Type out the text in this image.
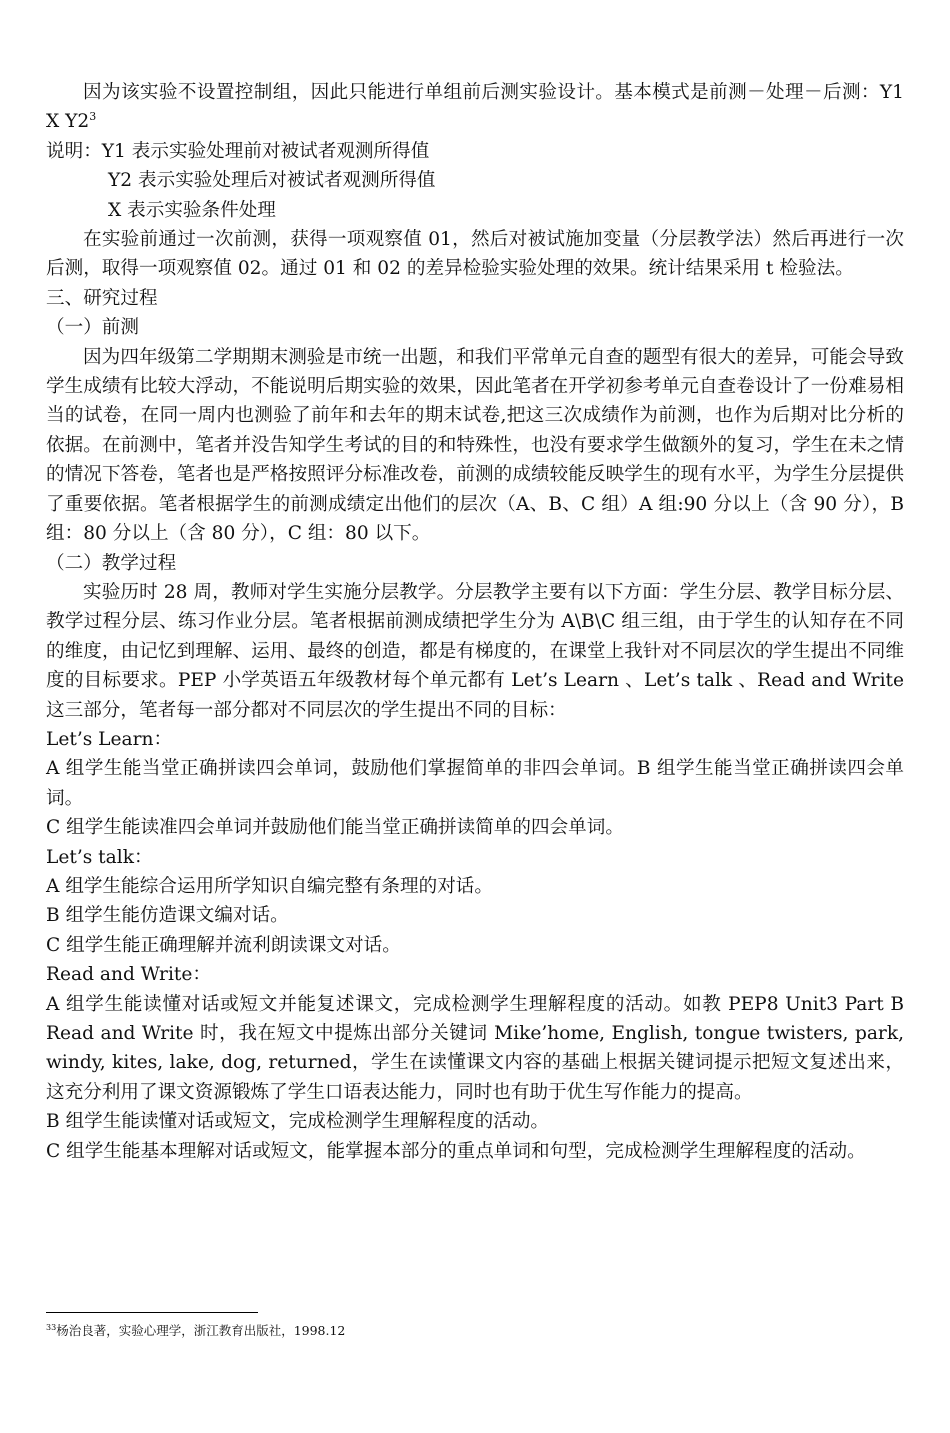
因为该实验不设置控制组，因此只能进行单组前后测实验设计。基本模式是前测－处理－后测：Y1 X $Y2^3$

说明：Y1 表示实验处理前对被试者观测所得值

Y2 表示实验处理后对被试者观测所得值

X 表示实验条件处理

在实验前通过一次前测，获得一项观察值 01，然后对被试施加变量（分层教学法）然后再进行一次后测，取得一项观察值 02。通过 01 和 02 的差异检验实验处理的效果。统计结果采用 t 检验法。

三、研究过程

（一）前测

因为四年级第二学期期末测验是市统一出题，和我们平常单元自查的题型有很大的差异，可能会导致学生成绩有比较大浮动，不能说明后期实验的效果，因此笔者在开学初参考单元自查卷设计了一份难易相当的试卷，在同一周内也测验了前年和去年的期末试卷,把这三次成绩作为前测，也作为后期对比分析的依据。在前测中，笔者并没告知学生考试的目的和特殊性，也没有要求学生做额外的复习，学生在未之情的情况下答卷，笔者也是严格按照评分标准改卷，前测的成绩较能反映学生的现有水平，为学生分层提供了重要依据。笔者根据学生的前测成绩定出他们的层次（A、B、C 组）A 组:90 分以上（含 90 分），B 组：80 分以上（含 80 分），C 组：80 以下。

（二）教学过程

实验历时 28 周，教师对学生实施分层教学。分层教学主要有以下方面：学生分层、教学目标分层、教学过程分层、练习作业分层。笔者根据前测成绩把学生分为 A\B\C 组三组，由于学生的认知存在不同的维度，由记忆到理解、运用、最终的创造，都是有梯度的，在课堂上我针对不同层次的学生提出不同维度的目标要求。PEP 小学英语五年级教材每个单元都有 Let’s Learn 、Let’s talk 、Read and Write 这三部分，笔者每一部分都对不同层次的学生提出不同的目标：

Let’s Learn：

A 组学生能当堂正确拼读四会单词，鼓励他们掌握简单的非四会单词。B 组学生能当堂正确拼读四会单词。

C 组学生能读准四会单词并鼓励他们能当堂正确拼读简单的四会单词。

Let’s talk：

A 组学生能综合运用所学知识自编完整有条理的对话。

B 组学生能仿造课文编对话。

C 组学生能正确理解并流利朗读课文对话。

Read and Write：

A 组学生能读懂对话或短文并能复述课文，完成检测学生理解程度的活动。如教 PEP8 Unit3 Part B Read and Write 时，我在短文中提炼出部分关键词 Mike’home, English, tongue twisters, park, windy, kites, lake, dog, returned，学生在读懂课文内容的基础上根据关键词提示把短文复述出来，这充分利用了课文资源锻炼了学生口语表达能力，同时也有助于优生写作能力的提高。

B 组学生能读懂对话或短文，完成检测学生理解程度的活动。

C 组学生能基本理解对话或短文，能掌握本部分的重点单词和句型，完成检测学生理解程度的活动。

$^{33}$杨治良著，实验心理学，浙江教育出版社，1998.12
